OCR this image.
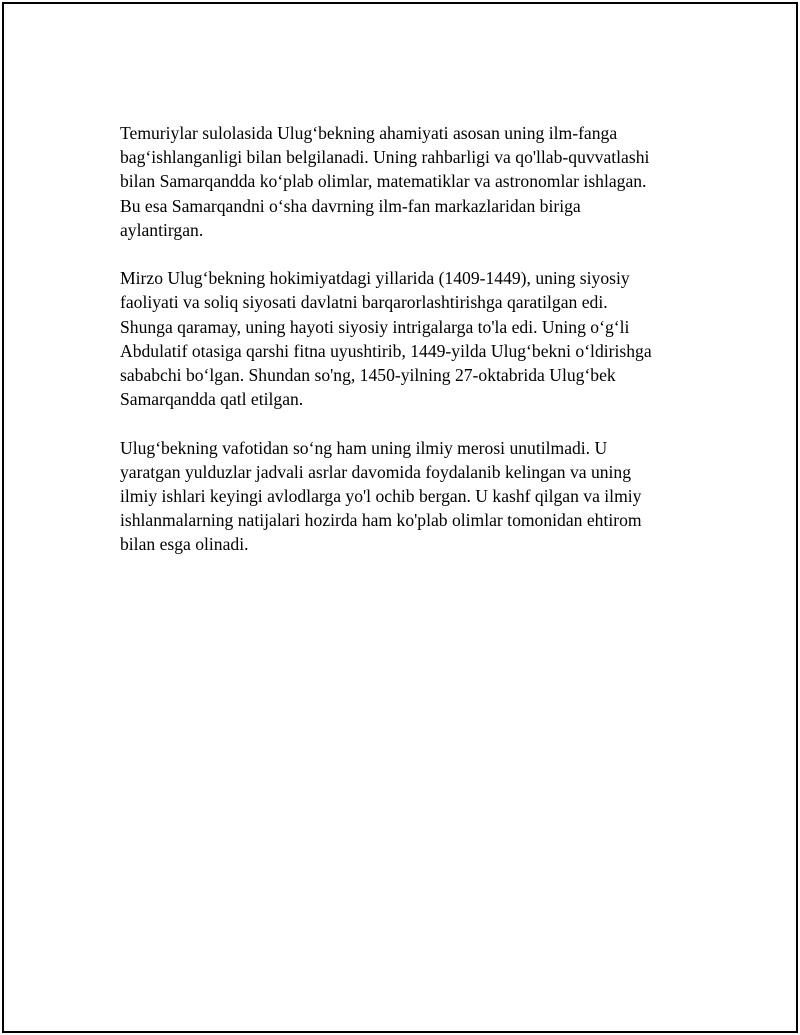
Temuriylar sulolasida Ulug‘bekning ahamiyati asosan uning ilm-fanga
bag‘ishlanganligi bilan belgilanadi. Uning rahbarligi va qo'llab-quvvatlashi
bilan Samarqandda ko‘plab olimlar, matematiklar va astronomlar ishlagan.
Bu esa Samarqandni o‘sha davrning ilm-fan markazlaridan biriga
aylantirgan.

Mirzo Ulug‘bekning hokimiyatdagi yillarida (1409-1449), uning siyosiy
faoliyati va soliq siyosati davlatni barqarorlashtirishga qaratilgan edi.
Shunga qaramay, uning hayoti siyosiy intrigalarga to'la edi. Uning o‘g‘li
Abdulatif otasiga qarshi fitna uyushtirib, 1449-yilda Ulug‘bekni o‘ldirishga
sababchi bo‘lgan. Shundan so'ng, 1450-yilning 27-oktabrida Ulug‘bek
Samarqandda qatl etilgan.

Ulug‘bekning vafotidan so‘ng ham uning ilmiy merosi unutilmadi. U
yaratgan yulduzlar jadvali asrlar davomida foydalanib kelingan va uning
ilmiy ishlari keyingi avlodlarga yo'l ochib bergan. U kashf qilgan va ilmiy
ishlanmalarning natijalari hozirda ham ko'plab olimlar tomonidan ehtirom
bilan esga olinadi.
